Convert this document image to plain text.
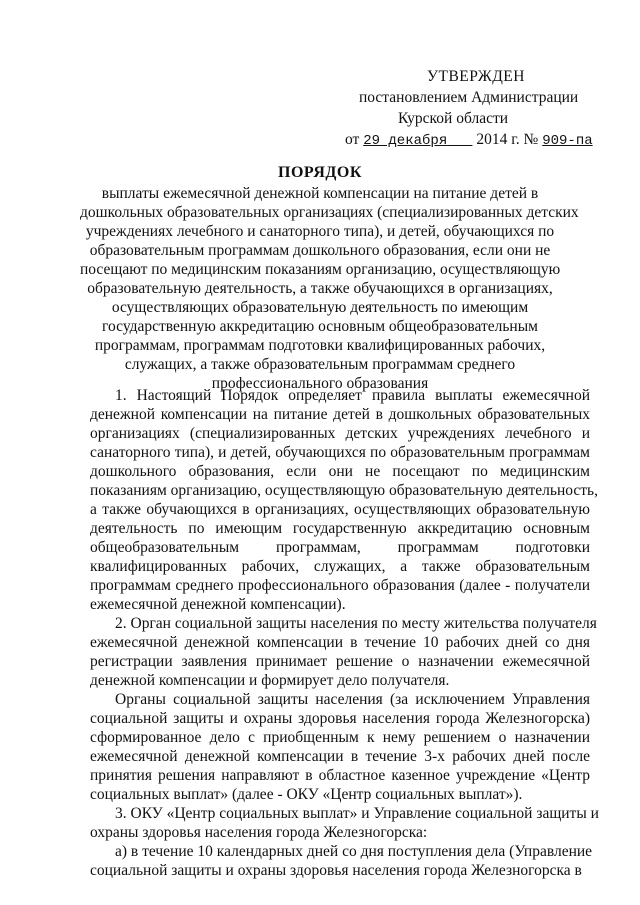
УТВЕРЖДЕН
постановлением Администрации
Курской области
от 29 декабря 2014 г. № 909-па
ПОРЯДОК
выплаты ежемесячной денежной компенсации на питание детей в
дошкольных образовательных организациях (специализированных детских
учреждениях лечебного и санаторного типа), и детей, обучающихся по
образовательным программам дошкольного образования, если они не
посещают по медицинским показаниям организацию, осуществляющую
образовательную деятельность, а также обучающихся в организациях,
осуществляющих образовательную деятельность по имеющим
государственную аккредитацию основным общеобразовательным
программам, программам подготовки квалифицированных рабочих,
служащих, а также образовательным программам среднего
профессионального образования
1. Настоящий Порядок определяет правила выплаты ежемесячной
денежной компенсации на питание детей в дошкольных образовательных
организациях (специализированных детских учреждениях лечебного и
санаторного типа), и детей, обучающихся по образовательным программам
дошкольного образования, если они не посещают по медицинским
показаниям организацию, осуществляющую образовательную деятельность,
а также обучающихся в организациях, осуществляющих образовательную
деятельность по имеющим государственную аккредитацию основным
общеобразовательным программам, программам подготовки
квалифицированных рабочих, служащих, а также образовательным
программам среднего профессионального образования (далее - получатели
ежемесячной денежной компенсации).
2. Орган социальной защиты населения по месту жительства получателя
ежемесячной денежной компенсации в течение 10 рабочих дней со дня
регистрации заявления принимает решение о назначении ежемесячной
денежной компенсации и формирует дело получателя.
Органы социальной защиты населения (за исключением Управления
социальной защиты и охраны здоровья населения города Железногорска)
сформированное дело с приобщенным к нему решением о назначении
ежемесячной денежной компенсации в течение 3-х рабочих дней после
принятия решения направляют в областное казенное учреждение «Центр
социальных выплат» (далее - ОКУ «Центр социальных выплат»).
3. ОКУ «Центр социальных выплат» и Управление социальной защиты и
охраны здоровья населения города Железногорска:
а) в течение 10 календарных дней со дня поступления дела (Управление
социальной защиты и охраны здоровья населения города Железногорска в
